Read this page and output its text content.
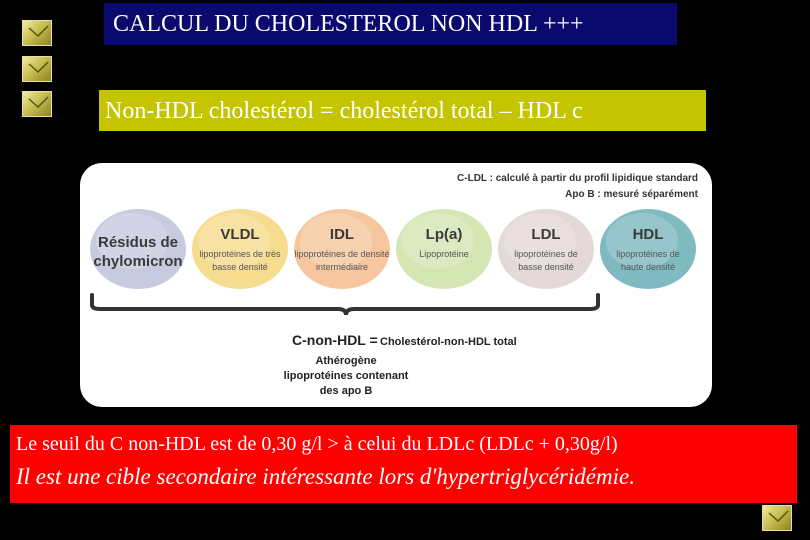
CALCUL DU CHOLESTEROL NON HDL +++
Non-HDL cholestérol = cholestérol total – HDL c
C-LDL : calculé à partir du profil lipidique standard
Apo B : mesuré séparément
Résidus de
chylomicron
VLDL
lipoprotéines de très
basse densité
IDL
lipoprotéines de densité
intermédiaire
Lp(a)
Lipoprotéine
LDL
lipoprotéines de
basse densité
HDL
lipoprotéines de
haute densité
C-non-HDL = Cholestérol-non-HDL total
Athérogène
lipoprotéines contenant
des apo B
Le seuil du C non-HDL est de 0,30 g/l > à celui du LDLc (LDLc + 0,30g/l)
Il est une cible secondaire intéressante lors d'hypertriglycéridémie.
